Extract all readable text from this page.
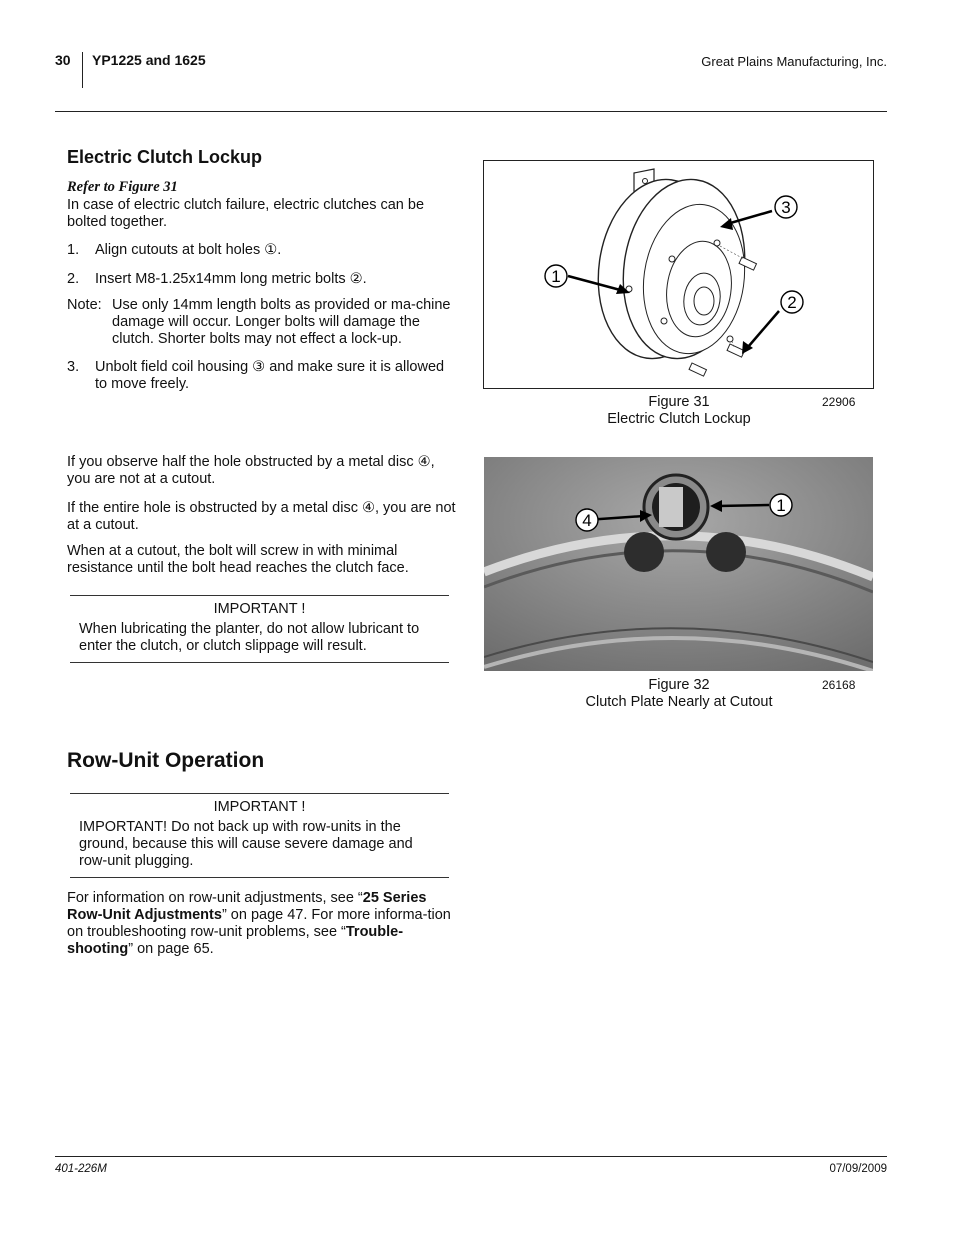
30 YP1225 and 1625	Great Plains Manufacturing, Inc.
Electric Clutch Lockup
Refer to Figure 31
In case of electric clutch failure, electric clutches can be bolted together.
1. Align cutouts at bolt holes ①.
2. Insert M8-1.25x14mm long metric bolts ②.
Note: Use only 14mm length bolts as provided or ma-chine damage will occur. Longer bolts will damage the clutch. Shorter bolts may not effect a lock-up.
3. Unbolt field coil housing ③ and make sure it is allowed to move freely.
If you observe half the hole obstructed by a metal disc ④, you are not at a cutout.
If the entire hole is obstructed by a metal disc ④, you are not at a cutout.
When at a cutout, the bolt will screw in with minimal resistance until the bolt head reaches the clutch face.
IMPORTANT !
When lubricating the planter, do not allow lubricant to enter the clutch, or clutch slippage will result.
1
3
2
Figure 31
Electric Clutch Lockup
22906
4
1
Figure 32
Clutch Plate Nearly at Cutout
26168
Row-Unit Operation
IMPORTANT !
IMPORTANT! Do not back up with row-units in the ground, because this will cause severe damage and row-unit plugging.
For information on row-unit adjustments, see “25 Series Row-Unit Adjustments” on page 47. For more informa-tion on troubleshooting row-unit problems, see “Trouble-shooting” on page 65.
401-226M	07/09/2009
